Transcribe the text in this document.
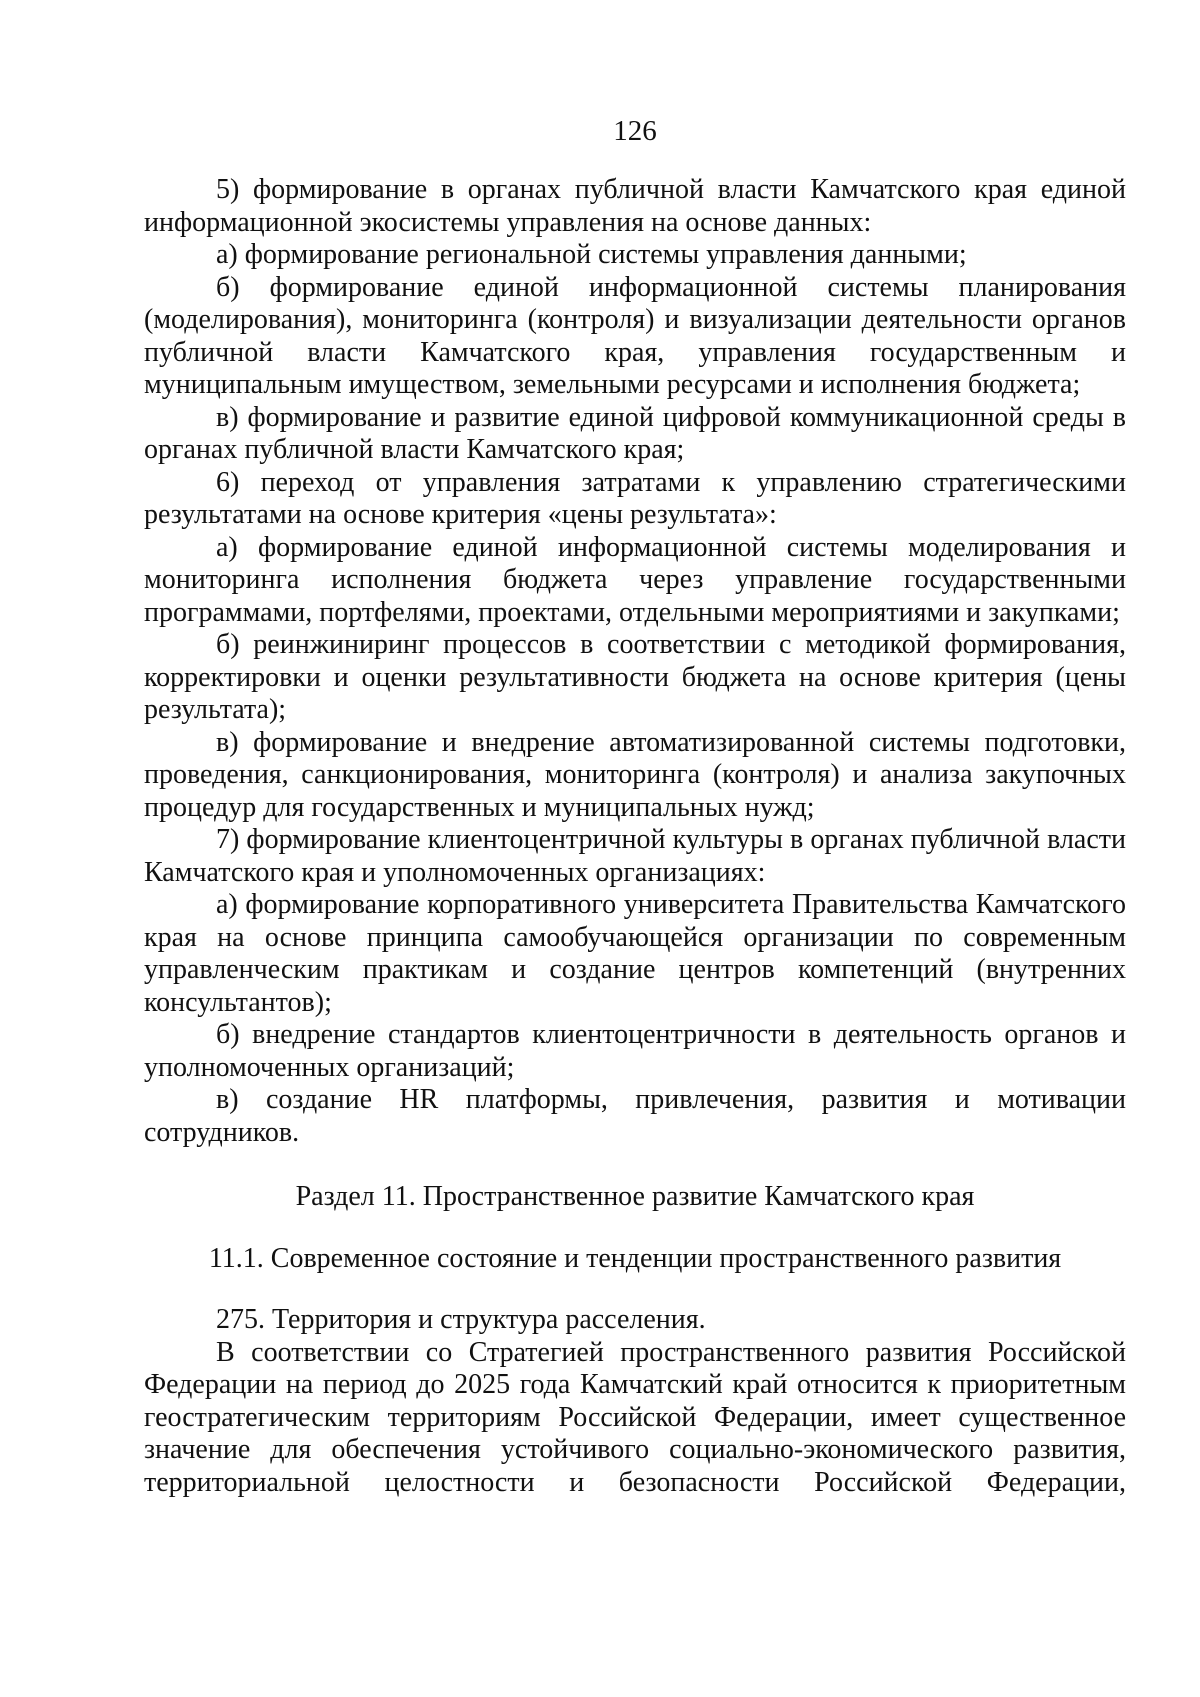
126

5) формирование в органах публичной власти Камчатского края единой информационной экосистемы управления на основе данных:

а) формирование региональной системы управления данными;

б) формирование единой информационной системы планирования (моделирования), мониторинга (контроля) и визуализации деятельности органов публичной власти Камчатского края, управления государственным и муниципальным имуществом, земельными ресурсами и исполнения бюджета;

в) формирование и развитие единой цифровой коммуникационной среды в органах публичной власти Камчатского края;

6) переход от управления затратами к управлению стратегическими результатами на основе критерия «цены результата»:

а) формирование единой информационной системы моделирования и мониторинга исполнения бюджета через управление государственными программами, портфелями, проектами, отдельными мероприятиями и закупками;

б) реинжиниринг процессов в соответствии с методикой формирования, корректировки и оценки результативности бюджета на основе критерия (цены результата);

в) формирование и внедрение автоматизированной системы подготовки, проведения, санкционирования, мониторинга (контроля) и анализа закупочных процедур для государственных и муниципальных нужд;

7) формирование клиентоцентричной культуры в органах публичной власти Камчатского края и уполномоченных организациях:

а) формирование корпоративного университета Правительства Камчатского края на основе принципа самообучающейся организации по современным управленческим практикам и создание центров компетенций (внутренних консультантов);

б) внедрение стандартов клиентоцентричности в деятельность органов и уполномоченных организаций;

в) создание HR платформы, привлечения, развития и мотивации сотрудников.

Раздел 11. Пространственное развитие Камчатского края

11.1. Современное состояние и тенденции пространственного развития

275. Территория и структура расселения.

В соответствии со Стратегией пространственного развития Российской Федерации на период до 2025 года Камчатский край относится к приоритетным геостратегическим территориям Российской Федерации, имеет существенное значение для обеспечения устойчивого социально-экономического развития, территориальной целостности и безопасности Российской Федерации,
